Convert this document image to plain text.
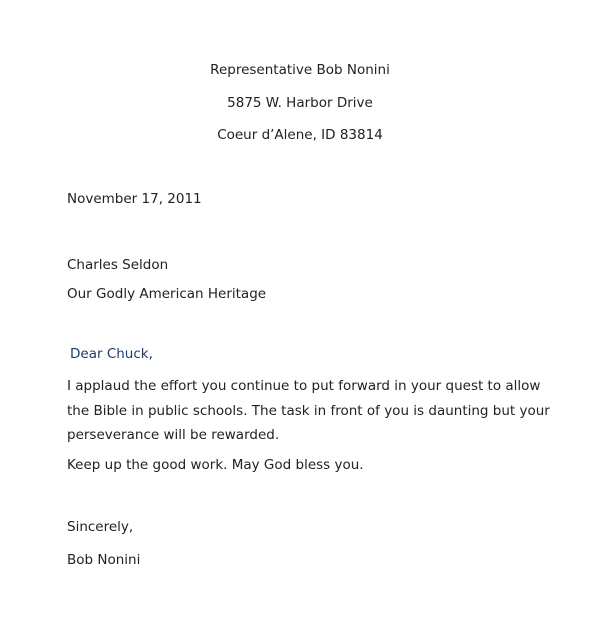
Representative Bob Nonini
5875 W. Harbor Drive
Coeur d’Alene, ID 83814
November 17, 2011
Charles Seldon
Our Godly American Heritage
Dear Chuck,
I applaud the effort you continue to put forward in your quest to allow the Bible in public schools. The task in front of you is daunting but your perseverance will be rewarded.
Keep up the good work. May God bless you.
Sincerely,
Bob Nonini
